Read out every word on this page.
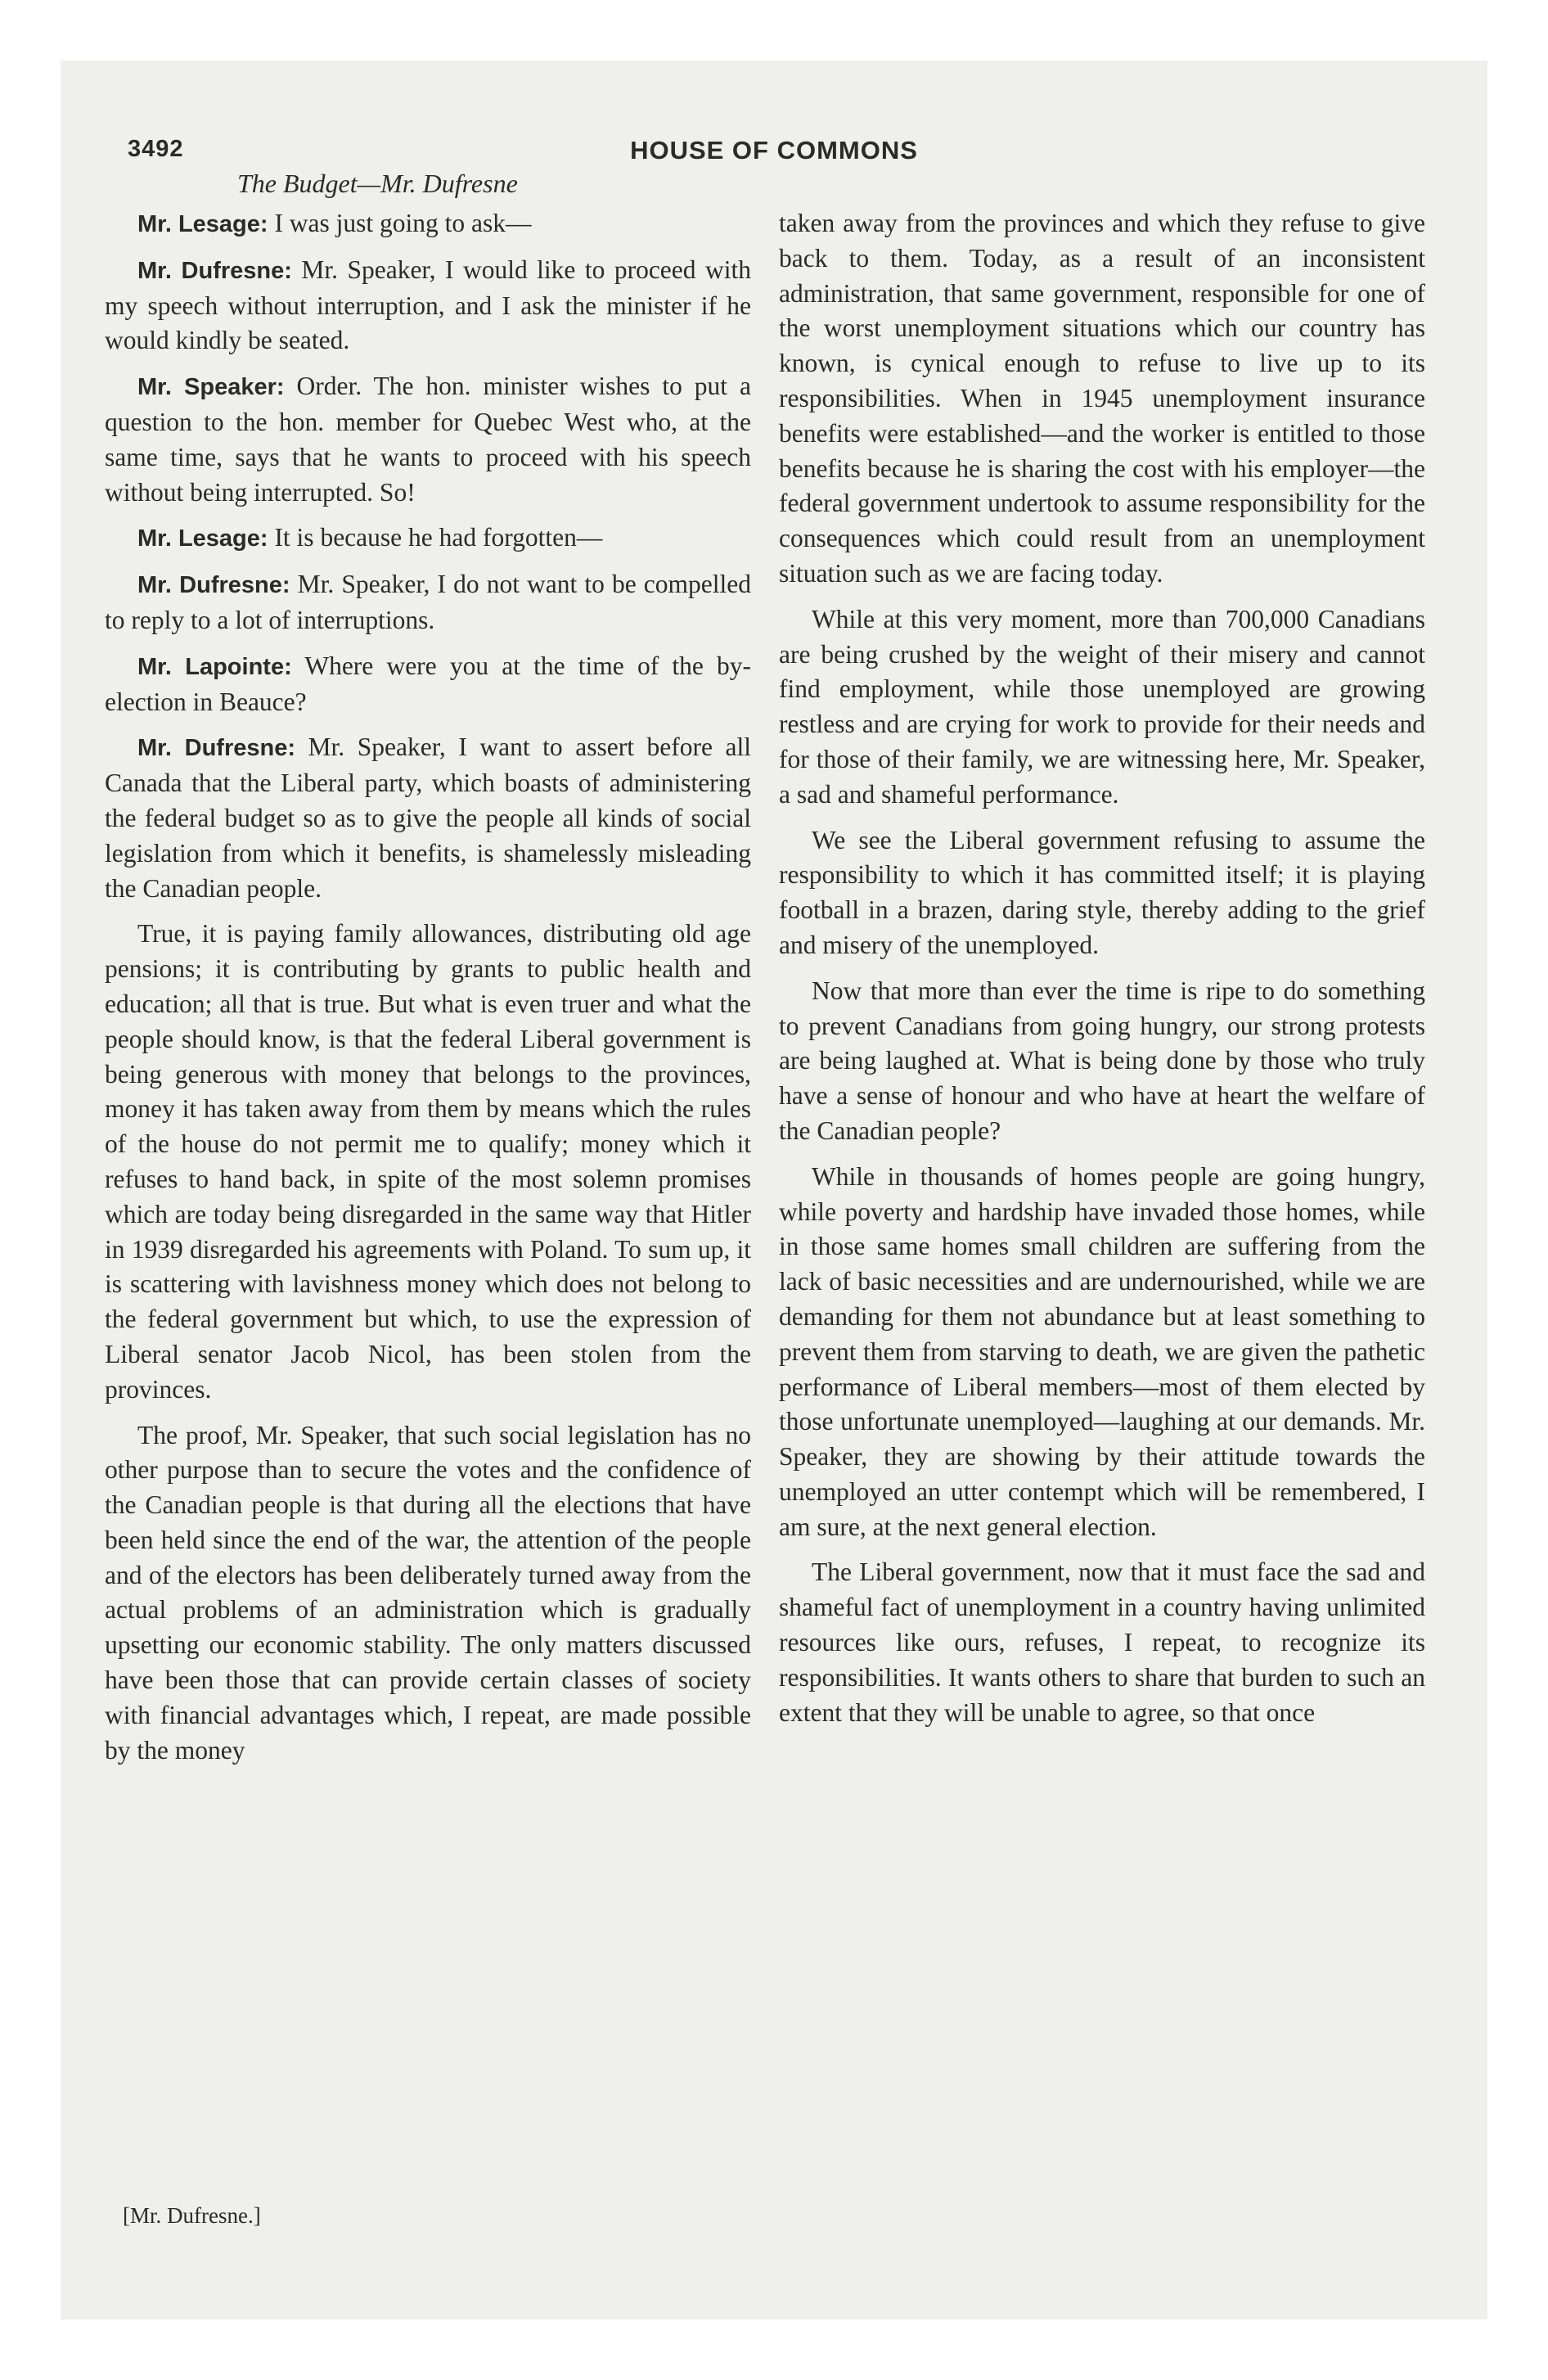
3492	HOUSE OF COMMONS
The Budget—Mr. Dufresne

Mr. Lesage: I was just going to ask—

Mr. Dufresne: Mr. Speaker, I would like to proceed with my speech without interruption, and I ask the minister if he would kindly be seated.

Mr. Speaker: Order. The hon. minister wishes to put a question to the hon. member for Quebec West who, at the same time, says that he wants to proceed with his speech without being interrupted. So!

Mr. Lesage: It is because he had forgotten—

Mr. Dufresne: Mr. Speaker, I do not want to be compelled to reply to a lot of interruptions.

Mr. Lapointe: Where were you at the time of the by-election in Beauce?

Mr. Dufresne: Mr. Speaker, I want to assert before all Canada that the Liberal party, which boasts of administering the federal budget so as to give the people all kinds of social legislation from which it benefits, is shamelessly misleading the Canadian people.

True, it is paying family allowances, distributing old age pensions; it is contributing by grants to public health and education; all that is true. But what is even truer and what the people should know, is that the federal Liberal government is being generous with money that belongs to the provinces, money it has taken away from them by means which the rules of the house do not permit me to qualify; money which it refuses to hand back, in spite of the most solemn promises which are today being disregarded in the same way that Hitler in 1939 disregarded his agreements with Poland. To sum up, it is scattering with lavishness money which does not belong to the federal government but which, to use the expression of Liberal senator Jacob Nicol, has been stolen from the provinces.

The proof, Mr. Speaker, that such social legislation has no other purpose than to secure the votes and the confidence of the Canadian people is that during all the elections that have been held since the end of the war, the attention of the people and of the electors has been deliberately turned away from the actual problems of an administration which is gradually upsetting our economic stability. The only matters discussed have been those that can provide certain classes of society with financial advantages which, I repeat, are made possible by the money

taken away from the provinces and which they refuse to give back to them. Today, as a result of an inconsistent administration, that same government, responsible for one of the worst unemployment situations which our country has known, is cynical enough to refuse to live up to its responsibilities. When in 1945 unemployment insurance benefits were established—and the worker is entitled to those benefits because he is sharing the cost with his employer—the federal government undertook to assume responsibility for the consequences which could result from an unemployment situation such as we are facing today.

While at this very moment, more than 700,000 Canadians are being crushed by the weight of their misery and cannot find employment, while those unemployed are growing restless and are crying for work to provide for their needs and for those of their family, we are witnessing here, Mr. Speaker, a sad and shameful performance.

We see the Liberal government refusing to assume the responsibility to which it has committed itself; it is playing football in a brazen, daring style, thereby adding to the grief and misery of the unemployed.

Now that more than ever the time is ripe to do something to prevent Canadians from going hungry, our strong protests are being laughed at. What is being done by those who truly have a sense of honour and who have at heart the welfare of the Canadian people?

While in thousands of homes people are going hungry, while poverty and hardship have invaded those homes, while in those same homes small children are suffering from the lack of basic necessities and are undernourished, while we are demanding for them not abundance but at least something to prevent them from starving to death, we are given the pathetic performance of Liberal members—most of them elected by those unfortunate unemployed—laughing at our demands. Mr. Speaker, they are showing by their attitude towards the unemployed an utter contempt which will be remembered, I am sure, at the next general election.

The Liberal government, now that it must face the sad and shameful fact of unemployment in a country having unlimited resources like ours, refuses, I repeat, to recognize its responsibilities. It wants others to share that burden to such an extent that they will be unable to agree, so that once

[Mr. Dufresne.]
